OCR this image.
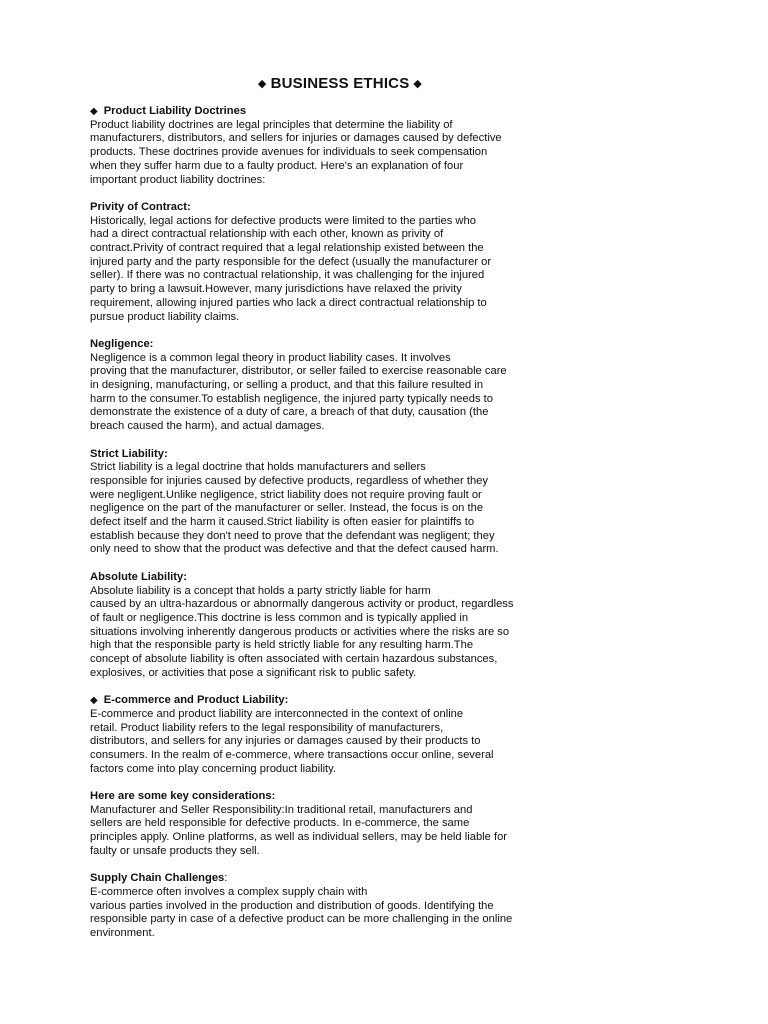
◆ BUSINESS ETHICS ◆
◆ Product Liability Doctrines
Product liability doctrines are legal principles that determine the liability of
manufacturers, distributors, and sellers for injuries or damages caused by defective
products. These doctrines provide avenues for individuals to seek compensation
when they suffer harm due to a faulty product. Here's an explanation of four
important product liability doctrines:
Privity of Contract:
Historically, legal actions for defective products were limited to the parties who
had a direct contractual relationship with each other, known as privity of
contract.Privity of contract required that a legal relationship existed between the
injured party and the party responsible for the defect (usually the manufacturer or
seller). If there was no contractual relationship, it was challenging for the injured
party to bring a lawsuit.However, many jurisdictions have relaxed the privity
requirement, allowing injured parties who lack a direct contractual relationship to
pursue product liability claims.
Negligence:
Negligence is a common legal theory in product liability cases. It involves
proving that the manufacturer, distributor, or seller failed to exercise reasonable care
in designing, manufacturing, or selling a product, and that this failure resulted in
harm to the consumer.To establish negligence, the injured party typically needs to
demonstrate the existence of a duty of care, a breach of that duty, causation (the
breach caused the harm), and actual damages.
Strict Liability:
Strict liability is a legal doctrine that holds manufacturers and sellers
responsible for injuries caused by defective products, regardless of whether they
were negligent.Unlike negligence, strict liability does not require proving fault or
negligence on the part of the manufacturer or seller. Instead, the focus is on the
defect itself and the harm it caused.Strict liability is often easier for plaintiffs to
establish because they don't need to prove that the defendant was negligent; they
only need to show that the product was defective and that the defect caused harm.
Absolute Liability:
Absolute liability is a concept that holds a party strictly liable for harm
caused by an ultra-hazardous or abnormally dangerous activity or product, regardless
of fault or negligence.This doctrine is less common and is typically applied in
situations involving inherently dangerous products or activities where the risks are so
high that the responsible party is held strictly liable for any resulting harm.The
concept of absolute liability is often associated with certain hazardous substances,
explosives, or activities that pose a significant risk to public safety.
◆ E-commerce and Product Liability:
E-commerce and product liability are interconnected in the context of online
retail. Product liability refers to the legal responsibility of manufacturers,
distributors, and sellers for any injuries or damages caused by their products to
consumers. In the realm of e-commerce, where transactions occur online, several
factors come into play concerning product liability.
Here are some key considerations:
Manufacturer and Seller Responsibility:In traditional retail, manufacturers and
sellers are held responsible for defective products. In e-commerce, the same
principles apply. Online platforms, as well as individual sellers, may be held liable for
faulty or unsafe products they sell.
Supply Chain Challenges:
E-commerce often involves a complex supply chain with
various parties involved in the production and distribution of goods. Identifying the
responsible party in case of a defective product can be more challenging in the online
environment.
